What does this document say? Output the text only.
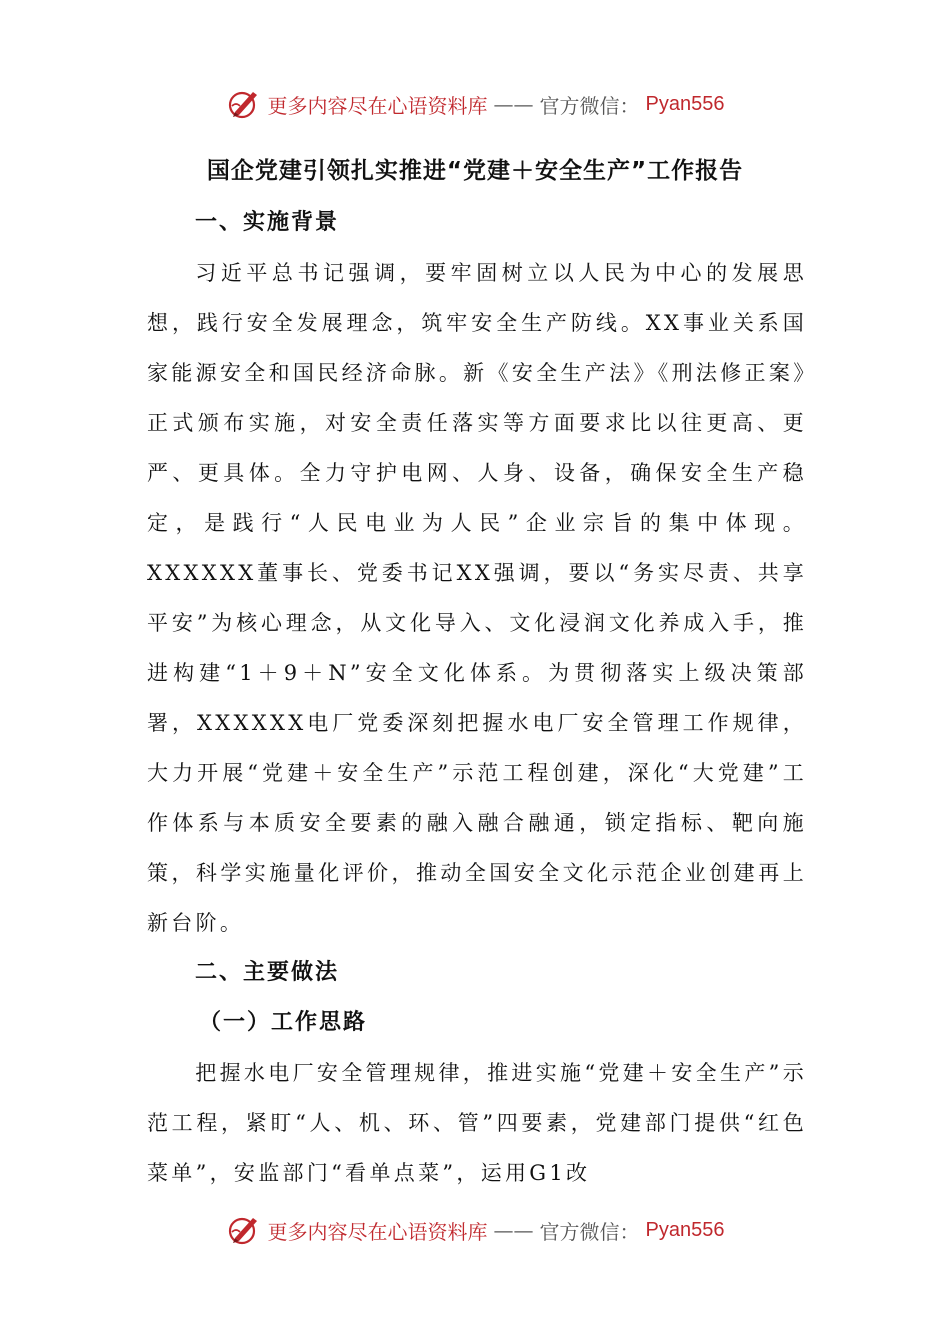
更多内容尽在心语资料库 —— 官方微信： Pyan556
国企党建引领扎实推进“党建＋安全生产”工作报告
一、实施背景

习近平总书记强调，要牢固树立以人民为中心的发展思想，践行安全发展理念，筑牢安全生产防线。XX事业关系国家能源安全和国民经济命脉。新《安全生产法》《刑法修正案》正式颁布实施，对安全责任落实等方面要求比以往更高、更严、更具体。全力守护电网、人身、设备，确保安全生产稳定，是践行“人民电业为人民”企业宗旨的集中体现。XXXXXX董事长、党委书记XX强调，要以“务实尽责、共享平安”为核心理念，从文化导入、文化浸润文化养成入手，推进构建“1＋9＋N”安全文化体系。为贯彻落实上级决策部署，XXXXXX电厂党委深刻把握水电厂安全管理工作规律，大力开展“党建＋安全生产”示范工程创建，深化“大党建”工作体系与本质安全要素的融入融合融通，锁定指标、靶向施策，科学实施量化评价，推动全国安全文化示范企业创建再上新台阶。

二、主要做法
（一）工作思路

把握水电厂安全管理规律，推进实施“党建＋安全生产”示范工程，紧盯“人、机、环、管”四要素，党建部门提供“红色菜单”，安监部门“看单点菜”，运用G1改

更多内容尽在心语资料库 —— 官方微信： Pyan556
